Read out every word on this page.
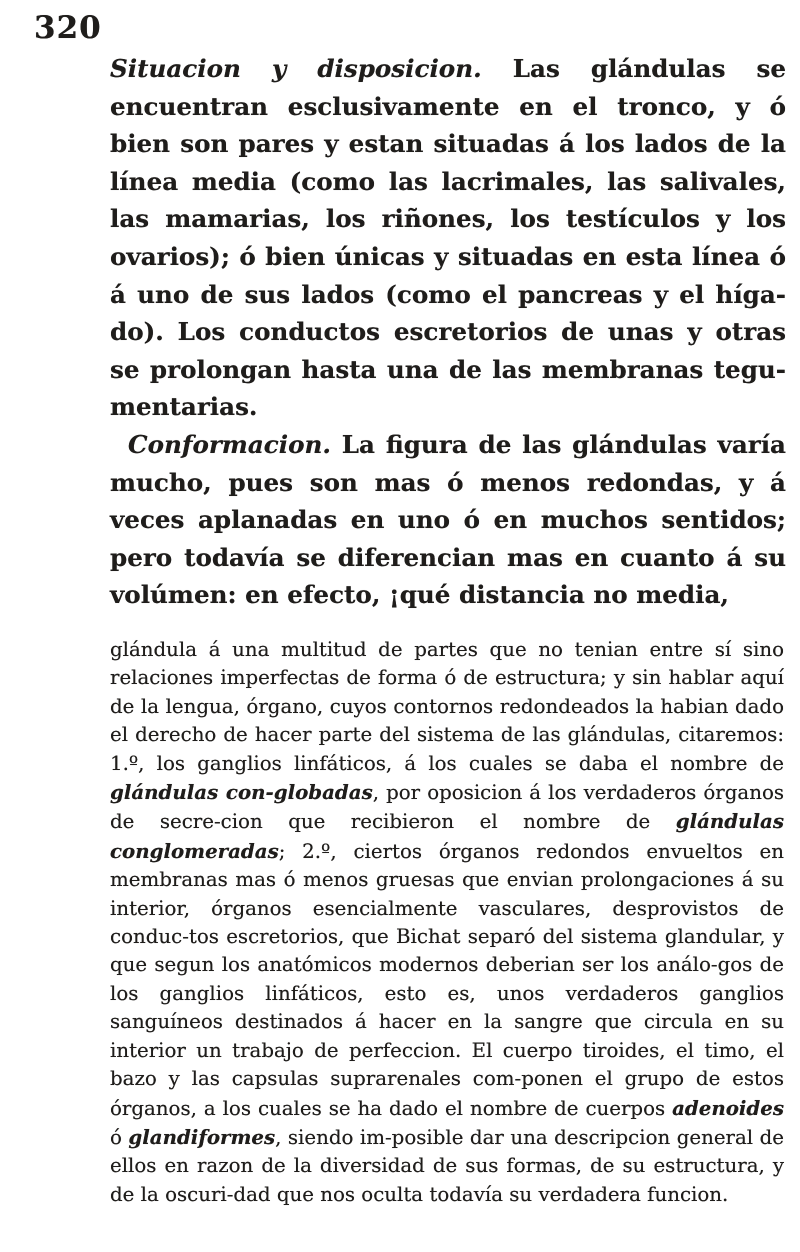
320

Situacion y disposicion. Las glándulas se encuentran esclusivamente en el tronco, y ó bien son pares y estan situadas á los lados de la línea media (como las lacrimales, las salivales, las mamarias, los riñones, los testículos y los ovarios); ó bien únicas y situadas en esta línea ó á uno de sus lados (como el pancreas y el híga-do). Los conductos escretorios de unas y otras se prolongan hasta una de las membranas tegu-mentarias.

Conformacion. La figura de las glándulas varía mucho, pues son mas ó menos redondas, y á veces aplanadas en uno ó en muchos sentidos; pero todavía se diferencian mas en cuanto á su volúmen: en efecto, ¡qué distancia no media,

glándula á una multitud de partes que no tenian entre sí sino relaciones imperfectas de forma ó de estructura; y sin hablar aquí de la lengua, órgano, cuyos contornos redondeados la habian dado el derecho de hacer parte del sistema de las glándulas, citaremos: 1.º, los ganglios linfáticos, á los cuales se daba el nombre de glándulas con-globadas, por oposicion á los verdaderos órganos de secre-cion que recibieron el nombre de glándulas conglomeradas; 2.º, ciertos órganos redondos envueltos en membranas mas ó menos gruesas que envian prolongaciones á su interior, órganos esencialmente vasculares, desprovistos de conduc-tos escretorios, que Bichat separó del sistema glandular, y que segun los anatómicos modernos deberian ser los análo-gos de los ganglios linfáticos, esto es, unos verdaderos ganglios sanguíneos destinados á hacer en la sangre que circula en su interior un trabajo de perfeccion. El cuerpo tiroides, el timo, el bazo y las capsulas suprarenales com-ponen el grupo de estos órganos, a los cuales se ha dado el nombre de cuerpos adenoides ó glandiformes, siendo im-posible dar una descripcion general de ellos en razon de la diversidad de sus formas, de su estructura, y de la oscuri-dad que nos oculta todavía su verdadera funcion.
